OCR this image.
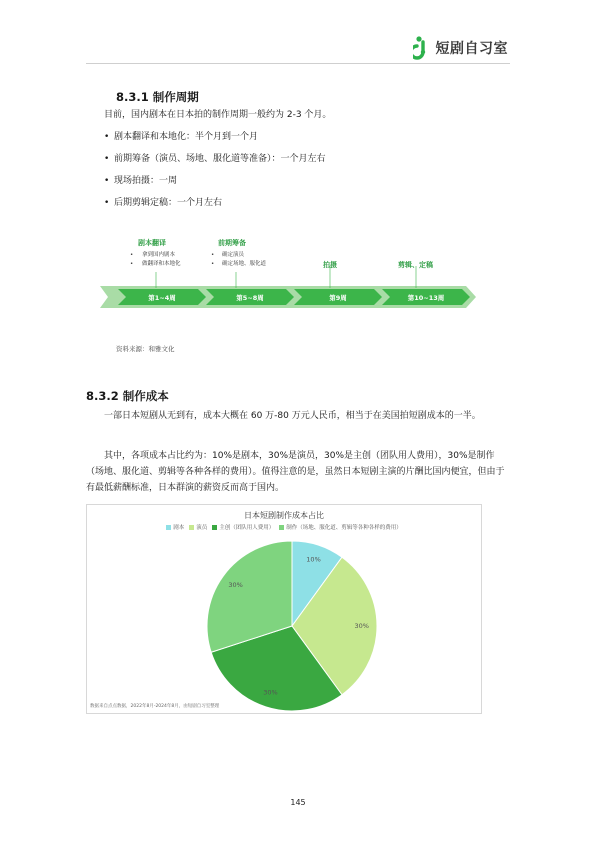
短剧自习室
8.3.1 制作周期
目前，国内剧本在日本拍的制作周期一般约为 2-3 个月。
• 剧本翻译和本地化：半个月到一个月
• 前期筹备（演员、场地、服化道等准备）：一个月左右
• 现场拍摄：一周
• 后期剪辑定稿：一个月左右
剧本翻译	前期筹备
拍摄	剪辑、定稿
• 拿到国内剧本
• 做翻译和本地化
• 确定演员
• 确定场地、服化道
第1~4周	第5~8周	第9周	第10~13周
资料来源：和雅文化
8.3.2 制作成本
一部日本短剧从无到有，成本大概在 60 万-80 万元人民币，相当于在美国拍短剧成本的一半。
其中，各项成本占比约为：10%是剧本，30%是演员，30%是主创（团队用人费用），30%是制作（场地、服化道、剪辑等各种各样的费用）。值得注意的是，虽然日本短剧主演的片酬比国内便宜，但由于有最低薪酬标准，日本群演的薪资反而高于国内。
日本短剧制作成本占比
剧本 演员 主创（团队用人费用） 制作（场地、服化道、剪辑等各种各样的费用）
10%
30%
30%
30%
数据来自点点数据，2022年8月-2024年8月，由短剧自习室整理
145
